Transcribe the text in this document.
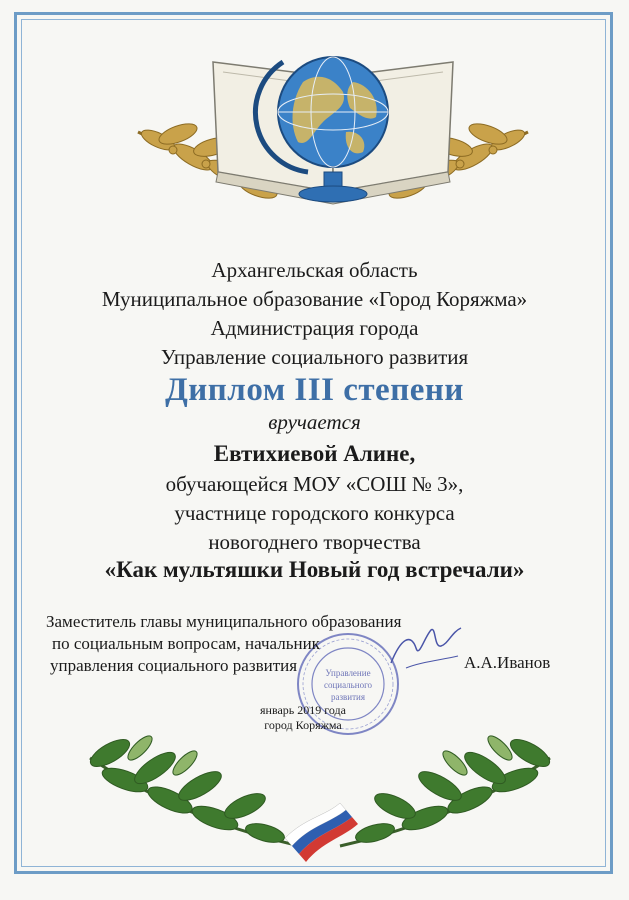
Архангельская область
Муниципальное образование «Город Коряжма»
Администрация города
Управление социального развития
Диплом III степени
вручается
Евтихиевой Алине,
обучающейся МОУ «СОШ № 3»,
участнице городского конкурса
новогоднего творчества
«Как мультяшки Новый год встречали»
Управление
социального
развития
Заместитель главы муниципального образования
по социальным вопросам, начальник
управления социального развития	А.А.Иванов
январь 2019 года
город Коряжма
